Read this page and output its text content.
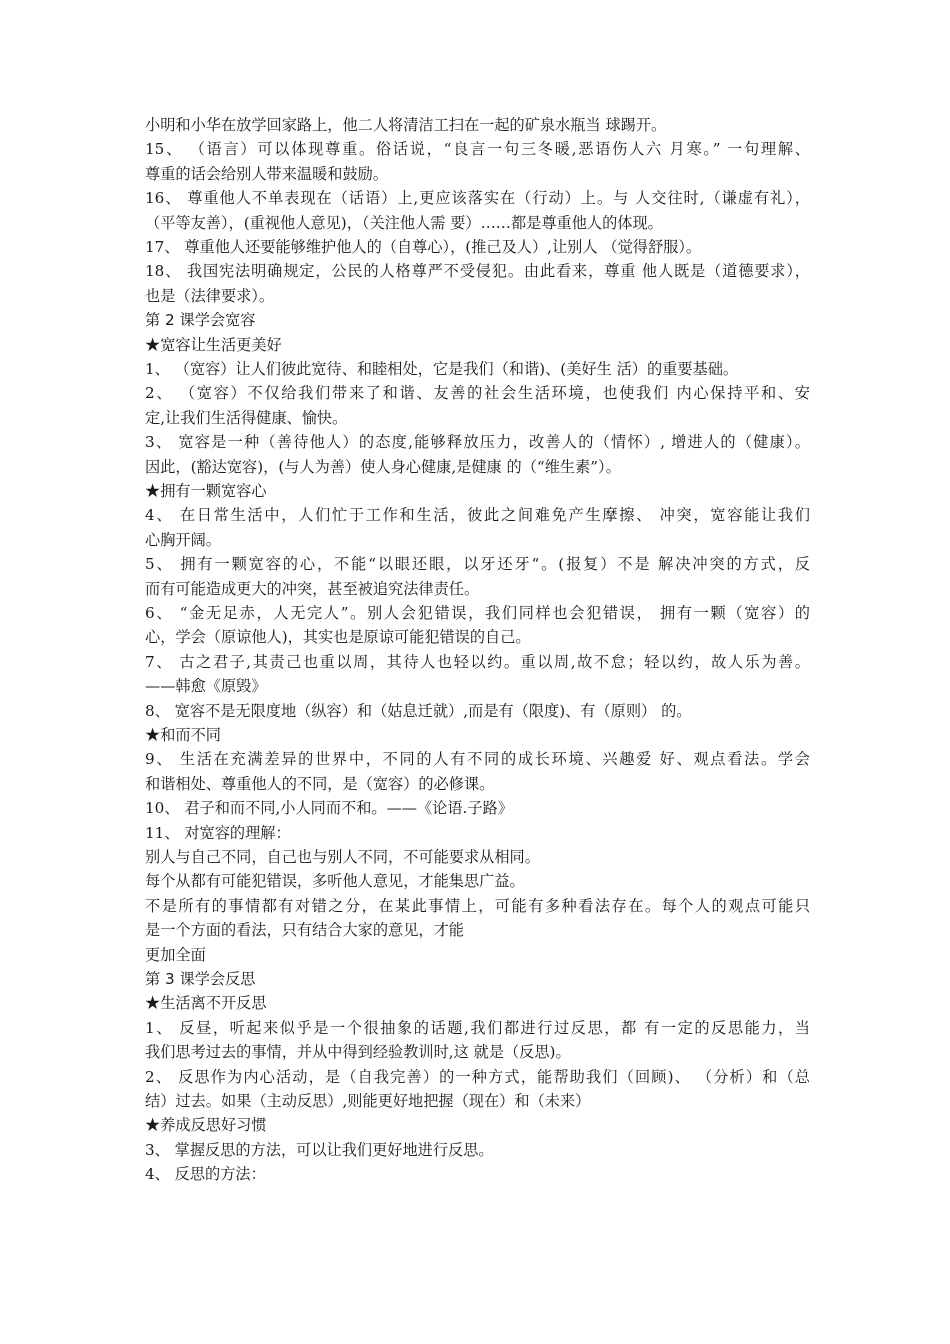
小明和小华在放学回家路上，他二人将清洁工扫在一起的矿泉水瓶当 球踢开。
15、 （语言）可以体现尊重。俗话说，“良言一句三冬暖,恶语伤人六 月寒。” 一句理解、
尊重的话会给别人带来温暖和鼓励。
16、 尊重他人不单表现在（话语）上,更应该落实在（行动）上。与 人交往时,（谦虚有礼），
（平等友善），(重视他人意见)，（关注他人需 要）……都是尊重他人的体现。
17、 尊重他人还要能够维护他人的（自尊心），(推己及人）,让别人 （觉得舒服）。
18、 我国宪法明确规定，公民的人格尊严不受侵犯。由此看来，尊重 他人既是（道德要求），
也是（法律要求）。
第 2 课学会宽容
★宽容让生活更美好
1、 （宽容）让人们彼此宽待、和睦相处，它是我们（和谐)、(美好生 活）的重要基础。
2、 （宽容）不仅给我们带来了和谐、友善的社会生活环境，也使我们 内心保持平和、安
定,让我们生活得健康、愉快。
3、 宽容是一种（善待他人）的态度,能够释放压力，改善人的（情怀）, 增进人的（健康）。
因此，(豁达宽容)，(与人为善）使人身心健康,是健康 的（“维生素”）。
★拥有一颗宽容心
4、 在日常生活中，人们忙于工作和生活，彼此之间难免产生摩擦、 冲突，宽容能让我们
心胸开阔。
5、 拥有一颗宽容的心，不能“以眼还眼，以牙还牙“。(报复）不是 解决冲突的方式，反
而有可能造成更大的冲突，甚至被追究法律责任。
6、 “金无足赤，人无完人”。别人会犯错误，我们同样也会犯错误， 拥有一颗（宽容）的
心，学会（原谅他人)，其实也是原谅可能犯错误的自己。
7、 古之君子,其责己也重以周，其待人也轻以约。重以周,故不怠；轻以约，故人乐为善。
——韩愈《原毁》
8、 宽容不是无限度地（纵容）和（姑息迁就）,而是有（限度)、有（原则） 的。
★和而不同
9、 生活在充满差异的世界中，不同的人有不同的成长环境、兴趣爱 好、观点看法。学会
和谐相处、尊重他人的不同，是（宽容）的必修课。
10、 君子和而不同,小人同而不和。——《论语.子路》
11、 对宽容的理解：
别人与自己不同，自己也与别人不同，不可能要求从相同。
每个从都有可能犯错误，多听他人意见，才能集思广益。
不是所有的事情都有对错之分，在某此事情上，可能有多种看法存在。每个人的观点可能只
是一个方面的看法，只有结合大家的意见，才能
更加全面
第 3 课学会反思
★生活离不开反思
1、 反昼，听起来似乎是一个很抽象的话题,我们都进行过反思，都 有一定的反思能力，当
我们思考过去的事情，并从中得到经验教训时,这 就是（反思)。
2、 反思作为内心活动，是（自我完善）的一种方式，能帮助我们（回顾)、 （分析）和（总
结）过去。如果（主动反思）,则能更好地把握（现在）和（未来）
★养成反思好习惯
3、 掌握反思的方法，可以让我们更好地进行反思。
4、 反思的方法：
